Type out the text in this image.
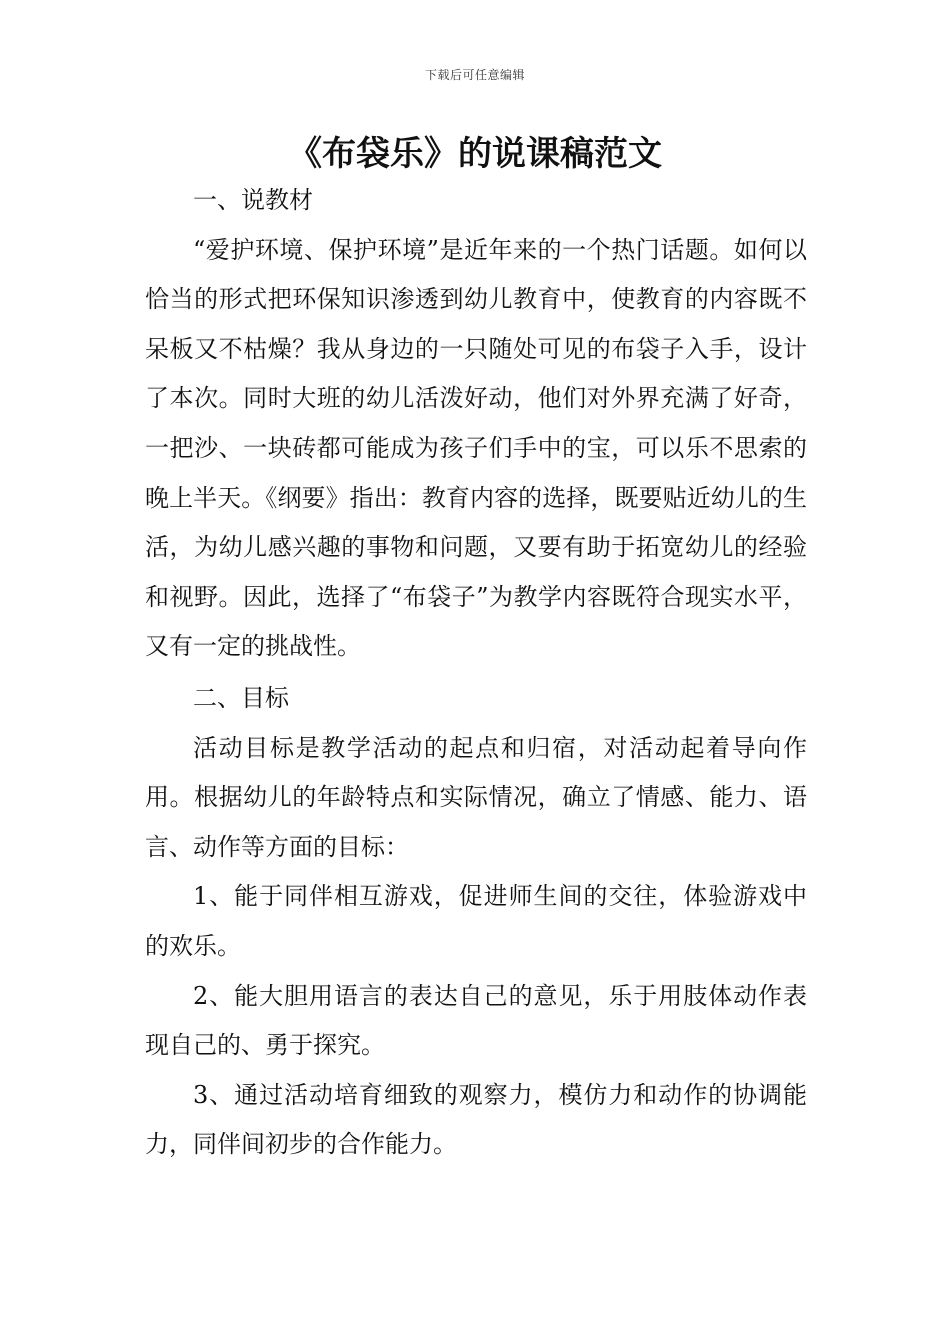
下载后可任意编辑
《布袋乐》的说课稿范文

一、说教材

“爱护环境、保护环境”是近年来的一个热门话题。如何以恰当的形式把环保知识渗透到幼儿教育中，使教育的内容既不呆板又不枯燥？我从身边的一只随处可见的布袋子入手，设计了本次。同时大班的幼儿活泼好动，他们对外界充满了好奇，一把沙、一块砖都可能成为孩子们手中的宝，可以乐不思索的晚上半天。《纲要》指出：教育内容的选择，既要贴近幼儿的生活，为幼儿感兴趣的事物和问题，又要有助于拓宽幼儿的经验和视野。因此，选择了“布袋子”为教学内容既符合现实水平，又有一定的挑战性。

二、目标

活动目标是教学活动的起点和归宿，对活动起着导向作用。根据幼儿的年龄特点和实际情况，确立了情感、能力、语言、动作等方面的目标：

1、能于同伴相互游戏，促进师生间的交往，体验游戏中的欢乐。

2、能大胆用语言的表达自己的意见，乐于用肢体动作表现自己的、勇于探究。

3、通过活动培育细致的观察力，模仿力和动作的协调能力，同伴间初步的合作能力。
